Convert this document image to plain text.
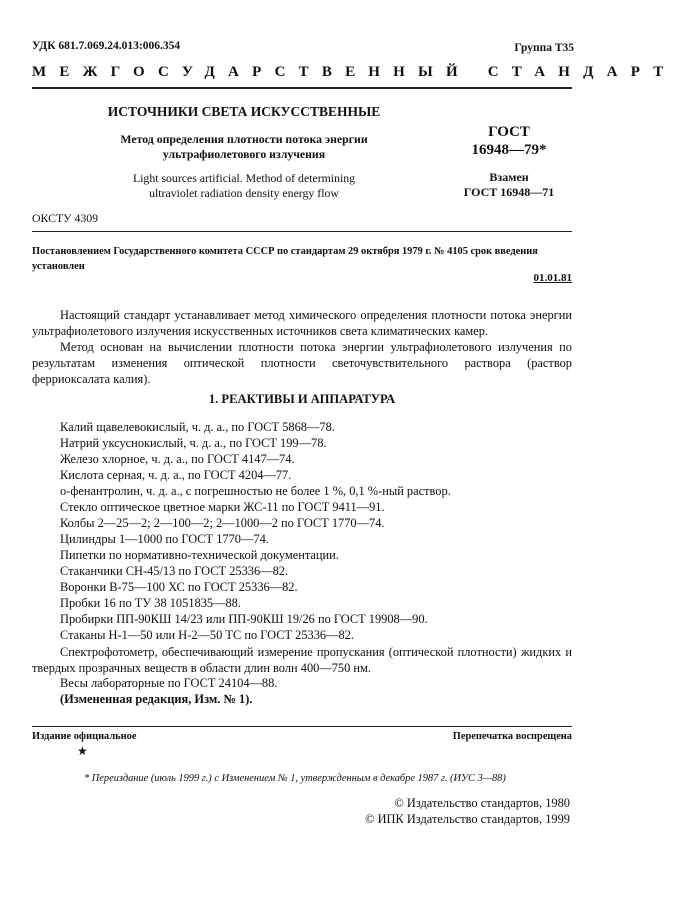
УДК 681.7.069.24.013:006.354	Группа Т35
МЕЖГОСУДАРСТВЕННЫЙ СТАНДАРТ
ИСТОЧНИКИ СВЕТА ИСКУССТВЕННЫЕ
Метод определения плотности потока энергии
ультрафиолетового излучения
Light sources artificial. Method of determining
ultraviolet radiation density energy flow
ГОСТ
16948—79*
Взамен
ГОСТ 16948—71
ОКСТУ 4309
Постановлением Государственного комитета СССР по стандартам 29 октября 1979 г. № 4105 срок введения
установлен
01.01.81
Настоящий стандарт устанавливает метод химического определения плотности потока энергии ультрафиолетового излучения искусственных источников света климатических камер.
Метод основан на вычислении плотности потока энергии ультрафиолетового излучения по результатам изменения оптической плотности светочувствительного раствора (раствор ферриоксалата калия).
1. РЕАКТИВЫ И АППАРАТУРА
Калий щавелевокислый, ч. д. а., по ГОСТ 5868—78.
Натрий уксуснокислый, ч. д. а., по ГОСТ 199—78.
Железо хлорное, ч. д. а., по ГОСТ 4147—74.
Кислота серная, ч. д. а., по ГОСТ 4204—77.
о-фенантролин, ч. д. а., с погрешностью не более 1 %, 0,1 %-ный раствор.
Стекло оптическое цветное марки ЖС-11 по ГОСТ 9411—91.
Колбы 2—25—2; 2—100—2; 2—1000—2 по ГОСТ 1770—74.
Цилиндры 1—1000 по ГОСТ 1770—74.
Пипетки по нормативно-технической документации.
Стаканчики СН-45/13 по ГОСТ 25336—82.
Воронки В-75—100 ХС по ГОСТ 25336—82.
Пробки 16 по ТУ 38 1051835—88.
Пробирки ПП-90КШ 14/23 или ПП-90КШ 19/26 по ГОСТ 19908—90.
Стаканы Н-1—50 или Н-2—50 ТС по ГОСТ 25336—82.
Спектрофотометр, обеспечивающий измерение пропускания (оптической плотности) жидких и твердых прозрачных веществ в области длин волн 400—750 нм.
Весы лабораторные по ГОСТ 24104—88.
(Измененная редакция, Изм. № 1).
Издание официальное
★
Перепечатка воспрещена
* Переиздание (июль 1999 г.) с Изменением № 1, утвержденным в декабре 1987 г. (ИУС 3—88)
© Издательство стандартов, 1980
© ИПК Издательство стандартов, 1999
